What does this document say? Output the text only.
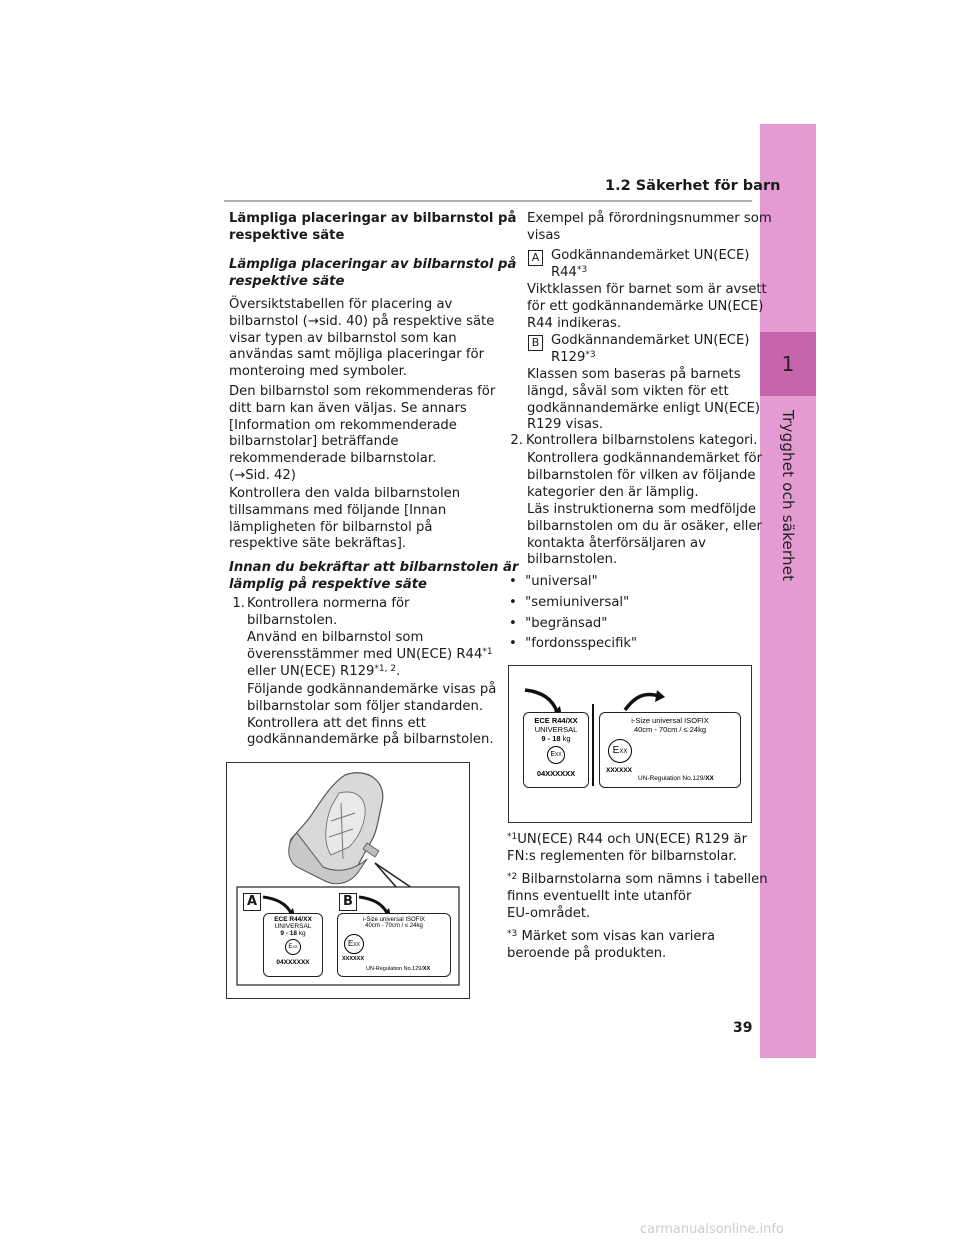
1
Trygghet och säkerhet
1.2 Säkerhet för barn
Lämpliga placeringar av bilbarnstol på
respektive säte
Lämpliga placeringar av bilbarnstol på
respektive säte
Översiktstabellen för placering av
bilbarnstol (→sid. 40) på respektive säte
visar typen av bilbarnstol som kan
användas samt möjliga placeringar för
monteroing med symboler.
Den bilbarnstol som rekommenderas för
ditt barn kan även väljas. Se annars
[Information om rekommenderade
bilbarnstolar] beträffande
rekommenderade bilbarnstolar.
(→Sid. 42)
Kontrollera den valda bilbarnstolen
tillsammans med följande [Innan
lämpligheten för bilbarnstol på
respektive säte bekräftas].
Innan du bekräftar att bilbarnstolen är
lämplig på respektive säte
1. Kontrollera normerna för
bilbarnstolen.
Använd en bilbarnstol som
överensstämmer med UN(ECE) R44$^{*1}$
eller UN(ECE) R129$^{*1, 2}$.
Följande godkännandemärke visas på
bilbarnstolar som följer standarden.
Kontrollera att det finns ett
godkännandemärke på bilbarnstolen.
A	B
ECE R44/XX
UNIVERSAL
9 - 18 kg
EXX
04XXXXXX
i-Size universal ISOFIX
40cm - 70cm / ≤ 24kg
EXX
XXXXXX
UN-Regulation No.129/XX
Exempel på förordningsnummer som
visas
A Godkännandemärket UN(ECE)
R44$^{*3}$
Viktklassen för barnet som är avsett
för ett godkännandemärke UN(ECE)
R44 indikeras.
B Godkännandemärket UN(ECE)
R129$^{*3}$
Klassen som baseras på barnets
längd, såväl som vikten för ett
godkännandemärke enligt UN(ECE)
R129 visas.
2. Kontrollera bilbarnstolens kategori.
Kontrollera godkännandemärket för
bilbarnstolen för vilken av följande
kategorier den är lämplig.
Läs instruktionerna som medföljde
bilbarnstolen om du är osäker, eller
kontakta återförsäljaren av
bilbarnstolen.
•  "universal"
•  "semiuniversal"
•  "begränsad"
•  "fordonsspecifik"
ECE R44/XX
UNIVERSAL
9 - 18 kg
EXX
04XXXXXX
i-Size universal ISOFIX
40cm - 70cm / ≤ 24kg
EXX
XXXXXX
UN-Regulation No.129/XX
$^{*1}$UN(ECE) R44 och UN(ECE) R129 är
FN:s reglementen för bilbarnstolar.
$^{*2}$ Bilbarnstolarna som nämns i tabellen
finns eventuellt inte utanför
EU-området.
$^{*3}$ Märket som visas kan variera
beroende på produkten.
39
carmanualsonline.info
